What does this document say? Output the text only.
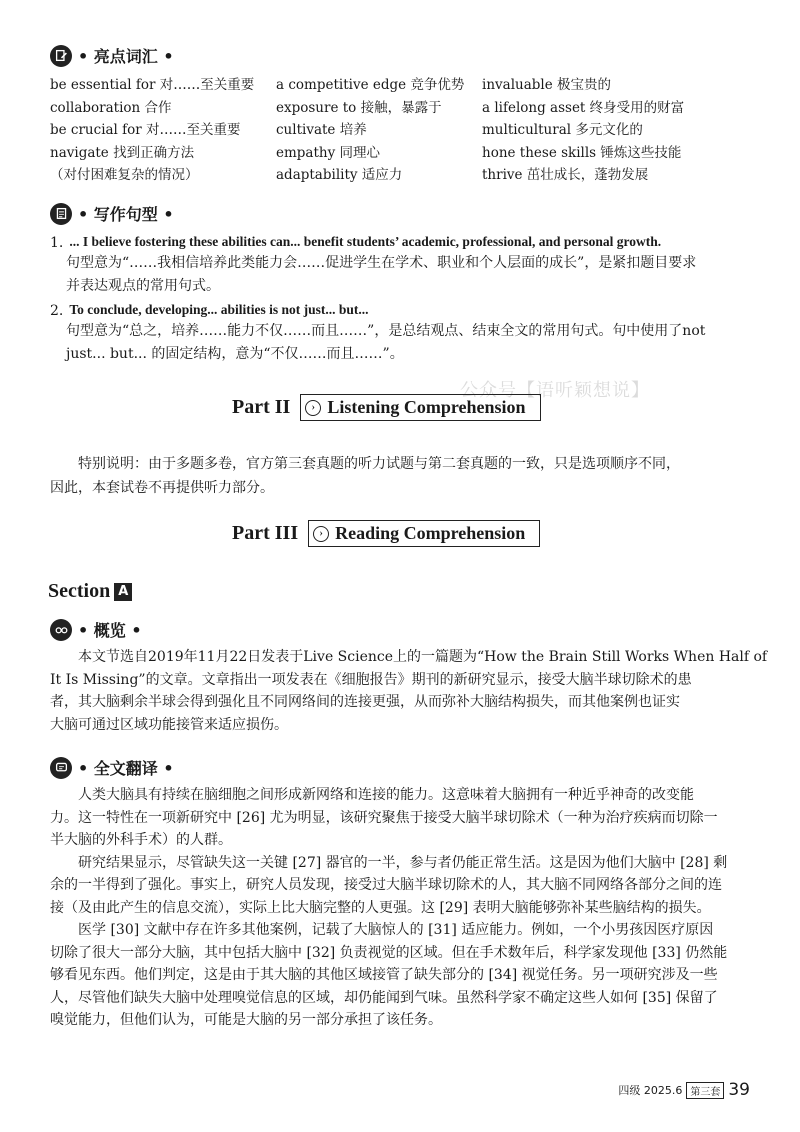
• 亮点词汇 •
be essential for 对……至关重要
collaboration 合作
be crucial for 对……至关重要
navigate 找到正确方法
（对付困难复杂的情况）
a competitive edge 竞争优势
exposure to 接触，暴露于
cultivate 培养
empathy 同理心
adaptability 适应力
invaluable 极宝贵的
a lifelong asset 终身受用的财富
multicultural 多元文化的
hone these skills 锤炼这些技能
thrive 茁壮成长，蓬勃发展
• 写作句型 •
1. ... I believe fostering these abilities can... benefit students’ academic, professional, and personal growth.
句型意为“……我相信培养此类能力会……促进学生在学术、职业和个人层面的成长”，是紧扣题目要求
并表达观点的常用句式。
2. To conclude, developing... abilities is not just... but...
句型意为“总之，培养……能力不仅……而且……”，是总结观点、结束全文的常用句式。句中使用了not
just... but... 的固定结构，意为“不仅……而且……”。
公众号【语听颖想说】
Part II	› Listening Comprehension
特别说明：由于多题多卷，官方第三套真题的听力试题与第二套真题的一致，只是选项顺序不同，
因此，本套试卷不再提供听力部分。
Part III	› Reading Comprehension
Section A
• 概览 •
本文节选自2019年11月22日发表于Live Science上的一篇题为“How the Brain Still Works When Half of
It Is Missing”的文章。文章指出一项发表在《细胞报告》期刊的新研究显示，接受大脑半球切除术的患
者，其大脑剩余半球会得到强化且不同网络间的连接更强，从而弥补大脑结构损失，而其他案例也证实
大脑可通过区域功能接管来适应损伤。
• 全文翻译 •
人类大脑具有持续在脑细胞之间形成新网络和连接的能力。这意味着大脑拥有一种近乎神奇的改变能
力。这一特性在一项新研究中 [26] 尤为明显，该研究聚焦于接受大脑半球切除术（一种为治疗疾病而切除一
半大脑的外科手术）的人群。
研究结果显示，尽管缺失这一关键 [27] 器官的一半，参与者仍能正常生活。这是因为他们大脑中 [28] 剩
余的一半得到了强化。事实上，研究人员发现，接受过大脑半球切除术的人，其大脑不同网络各部分之间的连
接（及由此产生的信息交流），实际上比大脑完整的人更强。这 [29] 表明大脑能够弥补某些脑结构的损失。
医学 [30] 文献中存在许多其他案例，记载了大脑惊人的 [31] 适应能力。例如，一个小男孩因医疗原因
切除了很大一部分大脑，其中包括大脑中 [32] 负责视觉的区域。但在手术数年后，科学家发现他 [33] 仍然能
够看见东西。他们判定，这是由于其大脑的其他区域接管了缺失部分的 [34] 视觉任务。另一项研究涉及一些
人，尽管他们缺失大脑中处理嗅觉信息的区域，却仍能闻到气味。虽然科学家不确定这些人如何 [35] 保留了
嗅觉能力，但他们认为，可能是大脑的另一部分承担了该任务。
四级 2025.6 第三套 39
